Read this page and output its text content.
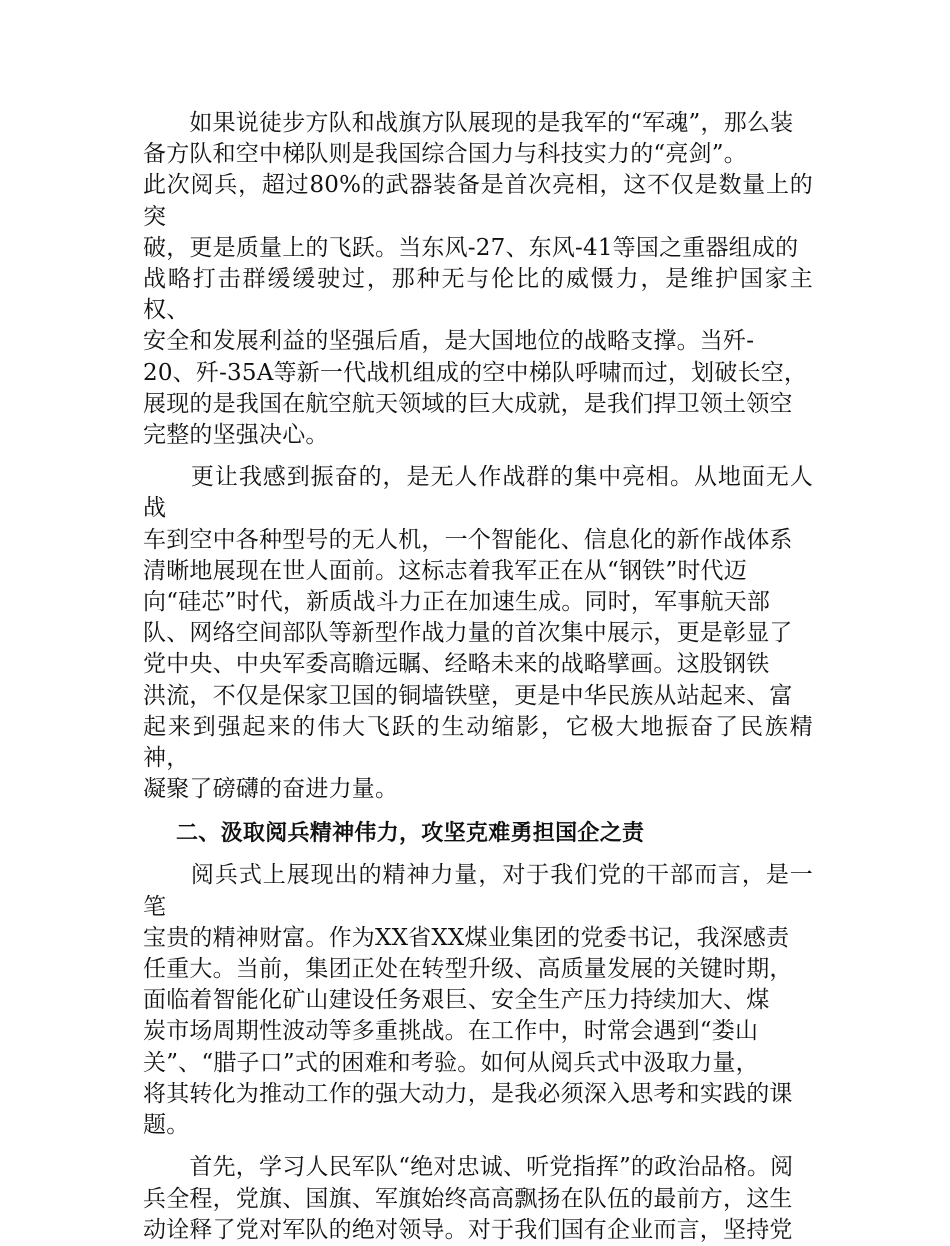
　　如果说徒步方队和战旗方队展现的是我军的“军魂”，那么装
备方队和空中梯队则是我国综合国力与科技实力的“亮剑”。
此次阅兵，超过80%的武器装备是首次亮相，这不仅是数量上的突
破，更是质量上的飞跃。当东风-27、东风-41等国之重器组成的
战略打击群缓缓驶过，那种无与伦比的威慑力，是维护国家主权、
安全和发展利益的坚强后盾，是大国地位的战略支撑。当歼-
20、歼-35A等新一代战机组成的空中梯队呼啸而过，划破长空，
展现的是我国在航空航天领域的巨大成就，是我们捍卫领土领空
完整的坚强决心。

　　更让我感到振奋的，是无人作战群的集中亮相。从地面无人战
车到空中各种型号的无人机，一个智能化、信息化的新作战体系
清晰地展现在世人面前。这标志着我军正在从“钢铁”时代迈
向“硅芯”时代，新质战斗力正在加速生成。同时，军事航天部
队、网络空间部队等新型作战力量的首次集中展示，更是彰显了
党中央、中央军委高瞻远瞩、经略未来的战略擘画。这股钢铁
洪流，不仅是保家卫国的铜墙铁壁，更是中华民族从站起来、富
起来到强起来的伟大飞跃的生动缩影，它极大地振奋了民族精神，
凝聚了磅礴的奋进力量。

二、汲取阅兵精神伟力，攻坚克难勇担国企之责

　　阅兵式上展现出的精神力量，对于我们党的干部而言，是一笔
宝贵的精神财富。作为XX省XX煤业集团的党委书记，我深感责
任重大。当前，集团正处在转型升级、高质量发展的关键时期，
面临着智能化矿山建设任务艰巨、安全生产压力持续加大、煤
炭市场周期性波动等多重挑战。在工作中，时常会遇到“娄山
关”、“腊子口”式的困难和考验。如何从阅兵式中汲取力量，
将其转化为推动工作的强大动力，是我必须深入思考和实践的课
题。

　　首先，学习人民军队“绝对忠诚、听党指挥”的政治品格。阅
兵全程，党旗、国旗、军旗始终高高飘扬在队伍的最前方，这生
动诠释了党对军队的绝对领导。对于我们国有企业而言，坚持党
